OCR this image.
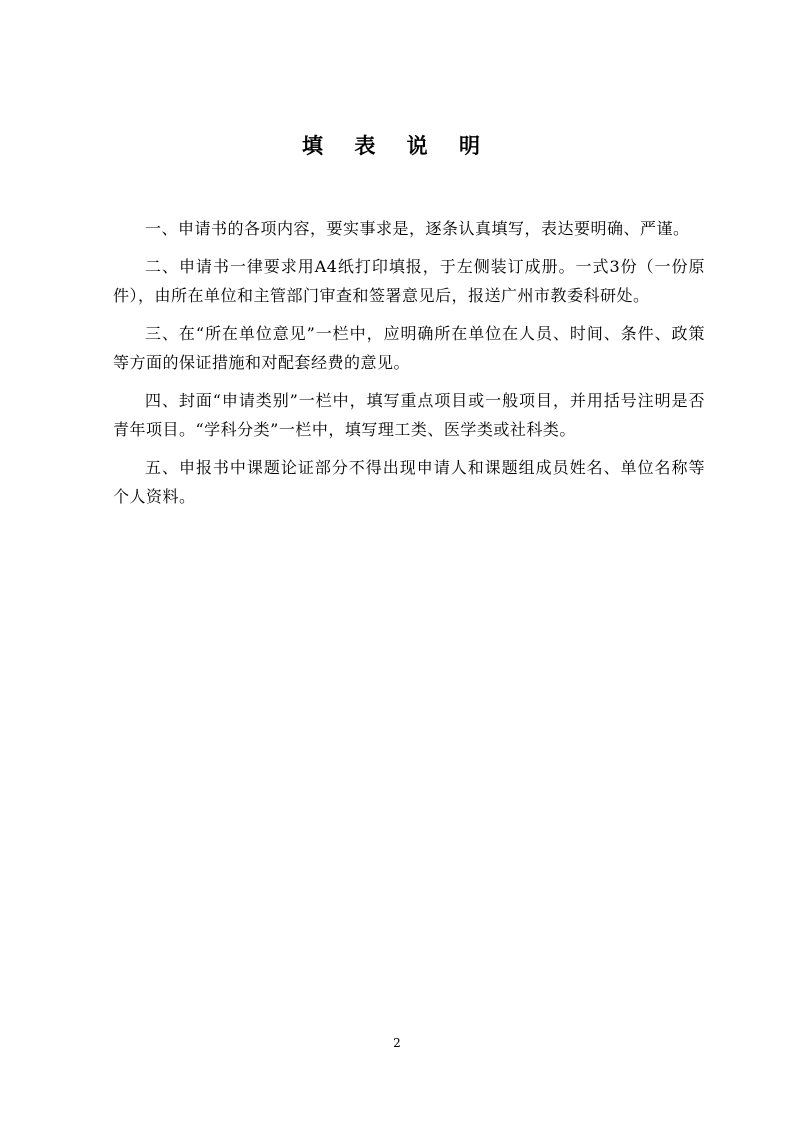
填 表 说 明

一、申请书的各项内容，要实事求是，逐条认真填写，表达要明确、严谨。

二、申请书一律要求用A4纸打印填报，于左侧装订成册。一式3份（一份原件），由所在单位和主管部门审查和签署意见后，报送广州市教委科研处。

三、在“所在单位意见”一栏中，应明确所在单位在人员、时间、条件、政策等方面的保证措施和对配套经费的意见。

四、封面“申请类别”一栏中，填写重点项目或一般项目，并用括号注明是否青年项目。“学科分类”一栏中，填写理工类、医学类或社科类。

五、申报书中课题论证部分不得出现申请人和课题组成员姓名、单位名称等个人资料。

2
